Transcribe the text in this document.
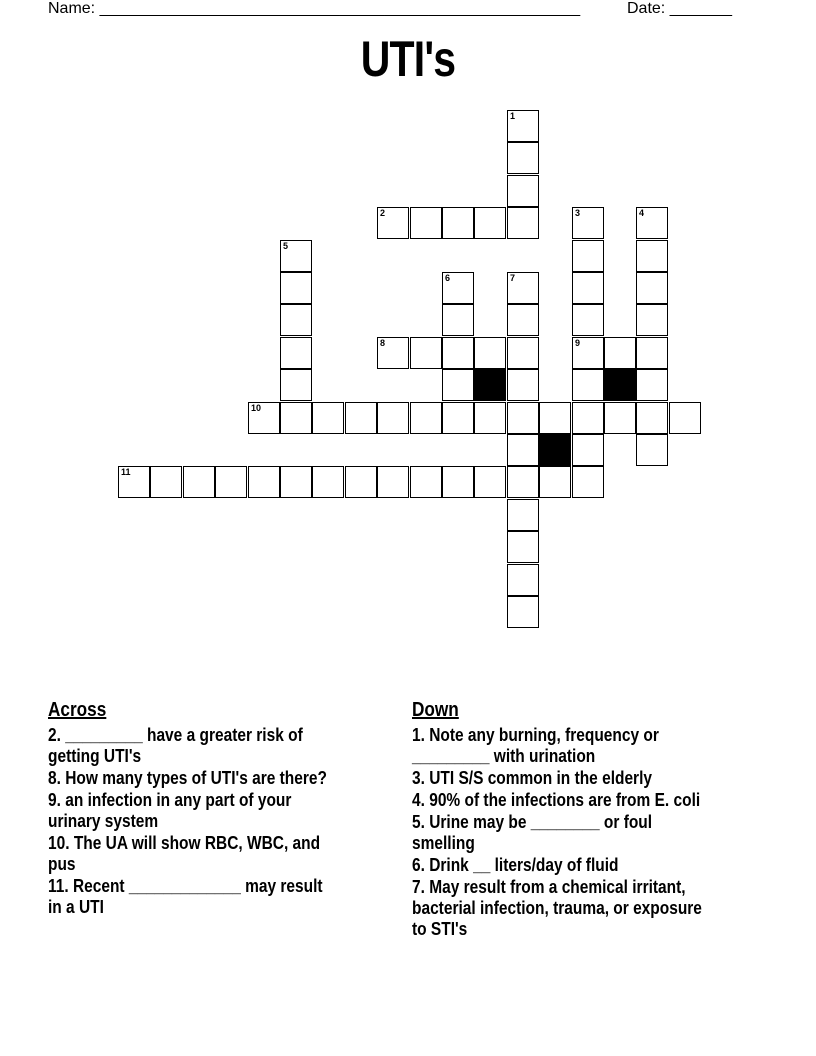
Name: ______________________________________________________	Date: _______
UTI's
1
2	3
9
4
5
6	7
8
10
11
Across
2. _________ have a greater risk of getting UTI's
8. How many types of UTI's are there?
9. an infection in any part of your urinary system
10. The UA will show RBC, WBC, and pus
11. Recent _____________ may result in a UTI
Down
1. Note any burning, frequency or _________ with urination
3. UTI S/S common in the elderly
4. 90% of the infections are from E. coli
5. Urine may be ________ or foul smelling
6. Drink __ liters/day of fluid
7. May result from a chemical irritant, bacterial infection, trauma, or exposure to STI's
